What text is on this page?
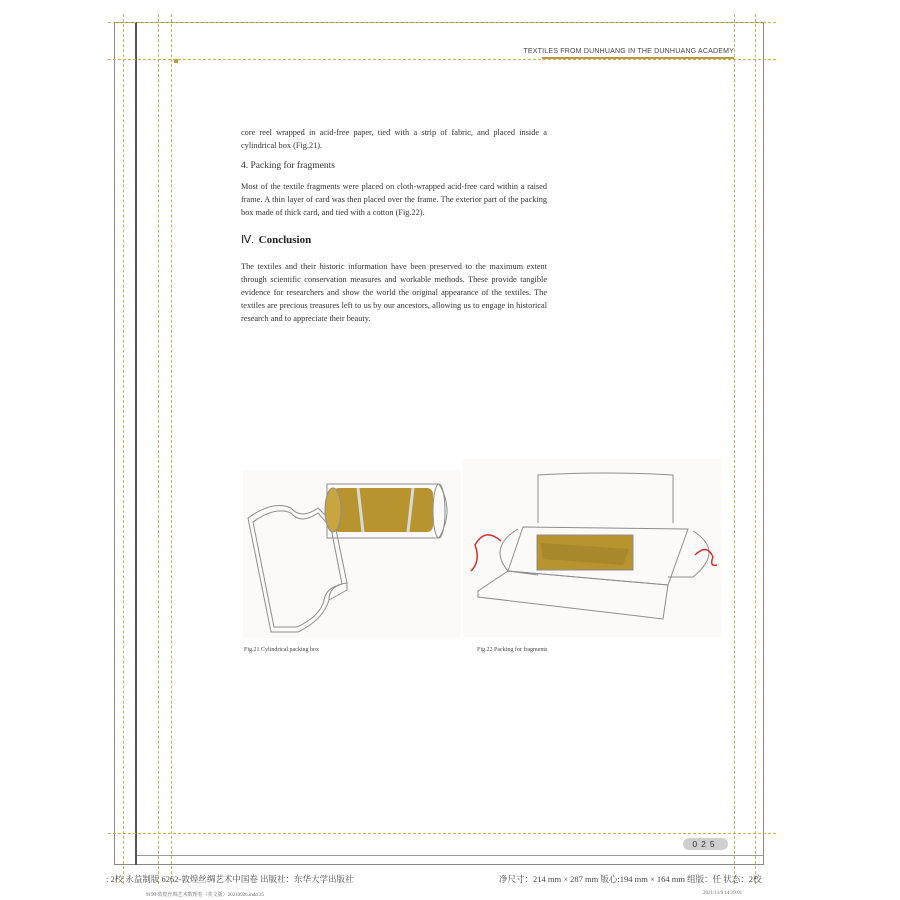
TEXTILES FROM DUNHUANG IN THE DUNHUANG ACADEMY
core reel wrapped in acid-free paper, tied with a strip of fabric, and placed inside a cylindrical box (Fig.21).
4. Packing for fragments
Most of the textile fragments were placed on cloth-wrapped acid-free card within a raised frame. A thin layer of card was then placed over the frame. The exterior part of the packing box made of thick card, and tied with a cotton (Fig.22).
Ⅳ. Conclusion
The textiles and their historic information have been preserved to the maximum extent through scientific conservation measures and workable methods. These provide tangible evidence for researchers and show the world the original appearance of the textiles. The textiles are precious treasures left to us by our ancestors, allowing us to engage in historical research and to appreciate their beauty.
Fig.21 Cylindrical packing box	Fig.22 Packing for fragments
025
: 2校 永益制版 6262-敦煌丝绸艺术中国卷 出版社：东华大学出版社	净尺寸：214 mm × 287 mm 版心:194 mm × 164 mm 组版：任 状态：2校
9199-敦煌丝绸艺术数理卷（英文版）20210926.indd 25	2021/11/9 14:19:01
